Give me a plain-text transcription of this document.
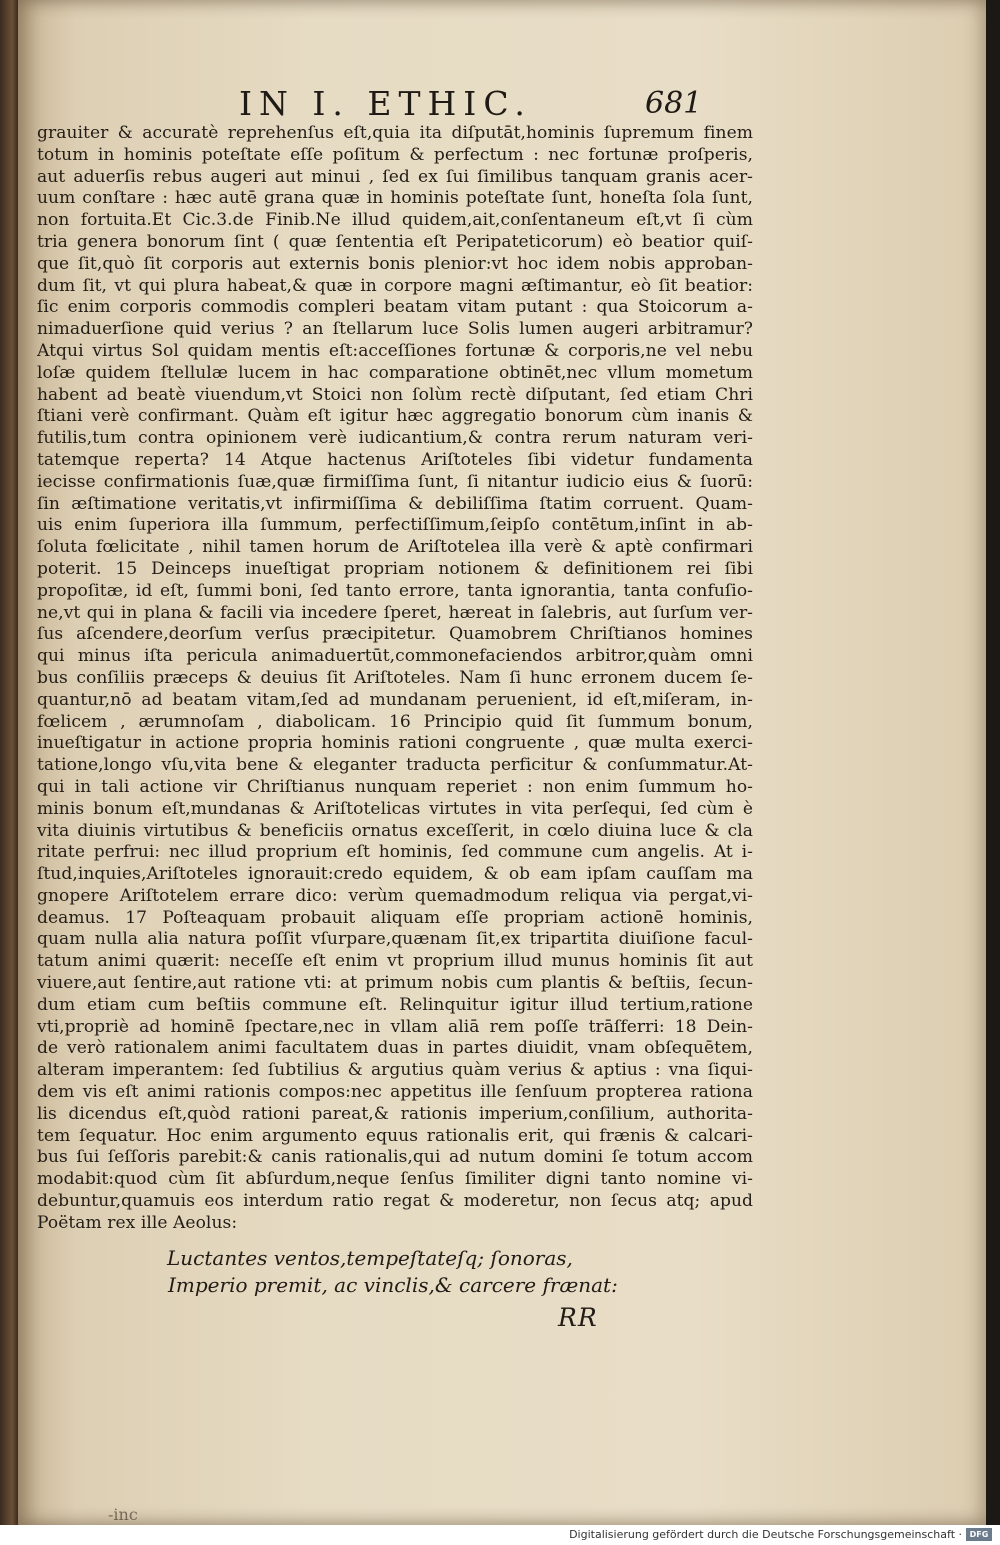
IN I. ETHIC.	681
grauiter & accuratè reprehenſus eſt,quia ita diſputāt,hominis ſupremum finem
totum in hominis poteſtate eſſe poſitum & perfectum : nec fortunæ proſperis,
aut aduerſis rebus augeri aut minui , ſed ex ſui ſimilibus tanquam granis acer-
uum conſtare : hæc autē grana quæ in hominis poteſtate ſunt, honeſta ſola ſunt,
non fortuita.Et Cic.3.de Finib.Ne illud quidem,ait,conſentaneum eſt,vt ſi cùm
tria genera bonorum ſint ( quæ ſententia eſt Peripateticorum) eò beatior quiſ-
que ſit,quò ſit corporis aut externis bonis plenior:vt hoc idem nobis approban-
dum ſit, vt qui plura habeat,& quæ in corpore magni æſtimantur, eò ſit beatior:
ſic enim corporis commodis compleri beatam vitam putant : qua Stoicorum a-
nimaduerſione quid verius ? an ſtellarum luce Solis lumen augeri arbitramur?
Atqui virtus Sol quidam mentis eſt:acceſſiones fortunæ & corporis,ne vel nebu
loſæ quidem ſtellulæ lucem in hac comparatione obtinēt,nec vllum mometum
habent ad beatè viuendum,vt Stoici non ſolùm rectè diſputant, ſed etiam Chri
ſtiani verè confirmant. Quàm eſt igitur hæc aggregatio bonorum cùm inanis &
futilis,tum contra opinionem verè iudicantium,& contra rerum naturam veri-
tatemque reperta? 14 Atque hactenus Ariſtoteles ſibi videtur fundamenta
iecisse confirmationis ſuæ,quæ firmiſſima ſunt, ſi nitantur iudicio eius & ſuorū:
ſin æſtimatione veritatis,vt infirmiſſima & debiliſſima ſtatim corruent. Quam-
uis enim ſuperiora illa ſummum, perfectiſſimum,ſeipſo contētum,inſint in ab-
ſoluta fœlicitate , nihil tamen horum de Ariſtotelea illa verè & aptè confirmari
poterit. 15 Deinceps inueſtigat propriam notionem & definitionem rei ſibi
propoſitæ, id eſt, ſummi boni, ſed tanto errore, tanta ignorantia, tanta confuſio-
ne,vt qui in plana & facili via incedere ſperet, hæreat in ſalebris, aut ſurſum ver-
ſus aſcendere,deorſum verſus præcipitetur. Quamobrem Chriſtianos homines
qui minus iſta pericula animaduertūt,commonefaciendos arbitror,quàm omni
bus conſiliis præceps & deuius ſit Ariſtoteles. Nam ſi hunc erronem ducem ſe-
quantur,nō ad beatam vitam,ſed ad mundanam peruenient, id eſt,miſeram, in-
fœlicem , ærumnoſam , diabolicam. 16 Principio quid ſit ſummum bonum,
inueſtigatur in actione propria hominis rationi congruente , quæ multa exerci-
tatione,longo vſu,vita bene & eleganter traducta perficitur & conſummatur.At-
qui in tali actione vir Chriſtianus nunquam reperiet : non enim ſummum ho-
minis bonum eſt,mundanas & Ariſtotelicas virtutes in vita perſequi, ſed cùm è
vita diuinis virtutibus & beneficiis ornatus exceſſerit, in cœlo diuina luce & cla
ritate perfrui: nec illud proprium eſt hominis, ſed commune cum angelis. At i-
ſtud,inquies,Ariſtoteles ignorauit:credo equidem, & ob eam ipſam cauſſam ma
gnopere Ariſtotelem errare dico: verùm quemadmodum reliqua via pergat,vi-
deamus. 17 Poſteaquam probauit aliquam eſſe propriam actionē hominis,
quam nulla alia natura poſſit vſurpare,quænam ſit,ex tripartita diuiſione facul-
tatum animi quærit: neceſſe eſt enim vt proprium illud munus hominis ſit aut
viuere,aut ſentire,aut ratione vti: at primum nobis cum plantis & beſtiis, ſecun-
dum etiam cum beſtiis commune eſt. Relinquitur igitur illud tertium,ratione
vti,propriè ad hominē ſpectare,nec in vllam aliā rem poſſe trāſferri: 18 Dein-
de verò rationalem animi facultatem duas in partes diuidit, vnam obſequētem,
alteram imperantem: ſed ſubtilius & argutius quàm verius & aptius : vna ſiqui-
dem vis eſt animi rationis compos:nec appetitus ille ſenſuum propterea rationa
lis dicendus eſt,quòd rationi pareat,& rationis imperium,conſilium, authorita-
tem ſequatur. Hoc enim argumento equus rationalis erit, qui frænis & calcari-
bus ſui ſeſſoris parebit:& canis rationalis,qui ad nutum domini ſe totum accom
modabit:quod cùm ſit abſurdum,neque ſenſus ſimiliter digni tanto nomine vi-
debuntur,quamuis eos interdum ratio regat & moderetur, non ſecus atq; apud
Poëtam rex ille Aeolus:
Luctantes ventos,tempeſtateſq; ſonoras,
Imperio premit, ac vinclis,& carcere frænat:
RR
-inc
Digitalisierung gefördert durch die Deutsche Forschungsgemeinschaft · DFG
